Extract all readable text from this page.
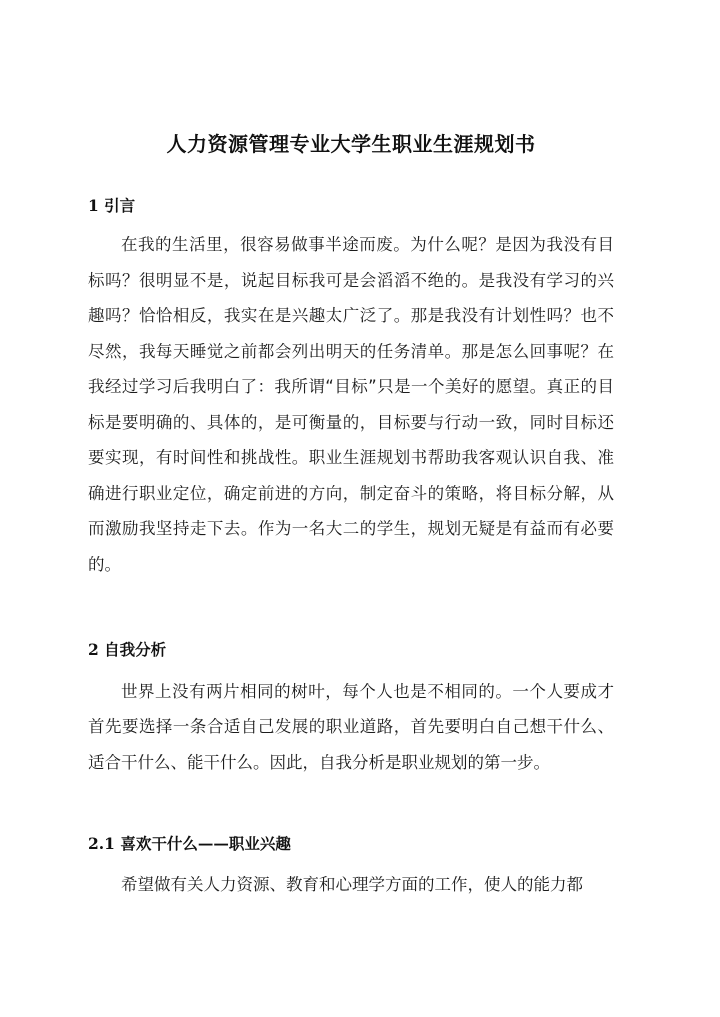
人力资源管理专业大学生职业生涯规划书
1 引言

在我的生活里，很容易做事半途而废。为什么呢？是因为我没有目标吗？很明显不是，说起目标我可是会滔滔不绝的。是我没有学习的兴趣吗？恰恰相反，我实在是兴趣太广泛了。那是我没有计划性吗？也不尽然，我每天睡觉之前都会列出明天的任务清单。那是怎么回事呢？在我经过学习后我明白了：我所谓“目标”只是一个美好的愿望。真正的目标是要明确的、具体的，是可衡量的，目标要与行动一致，同时目标还要实现，有时间性和挑战性。职业生涯规划书帮助我客观认识自我、准确进行职业定位，确定前进的方向，制定奋斗的策略，将目标分解，从而激励我坚持走下去。作为一名大二的学生，规划无疑是有益而有必要的。

2 自我分析

世界上没有两片相同的树叶，每个人也是不相同的。一个人要成才首先要选择一条合适自己发展的职业道路，首先要明白自己想干什么、适合干什么、能干什么。因此，自我分析是职业规划的第一步。

2.1 喜欢干什么——职业兴趣

希望做有关人力资源、教育和心理学方面的工作，使人的能力都
